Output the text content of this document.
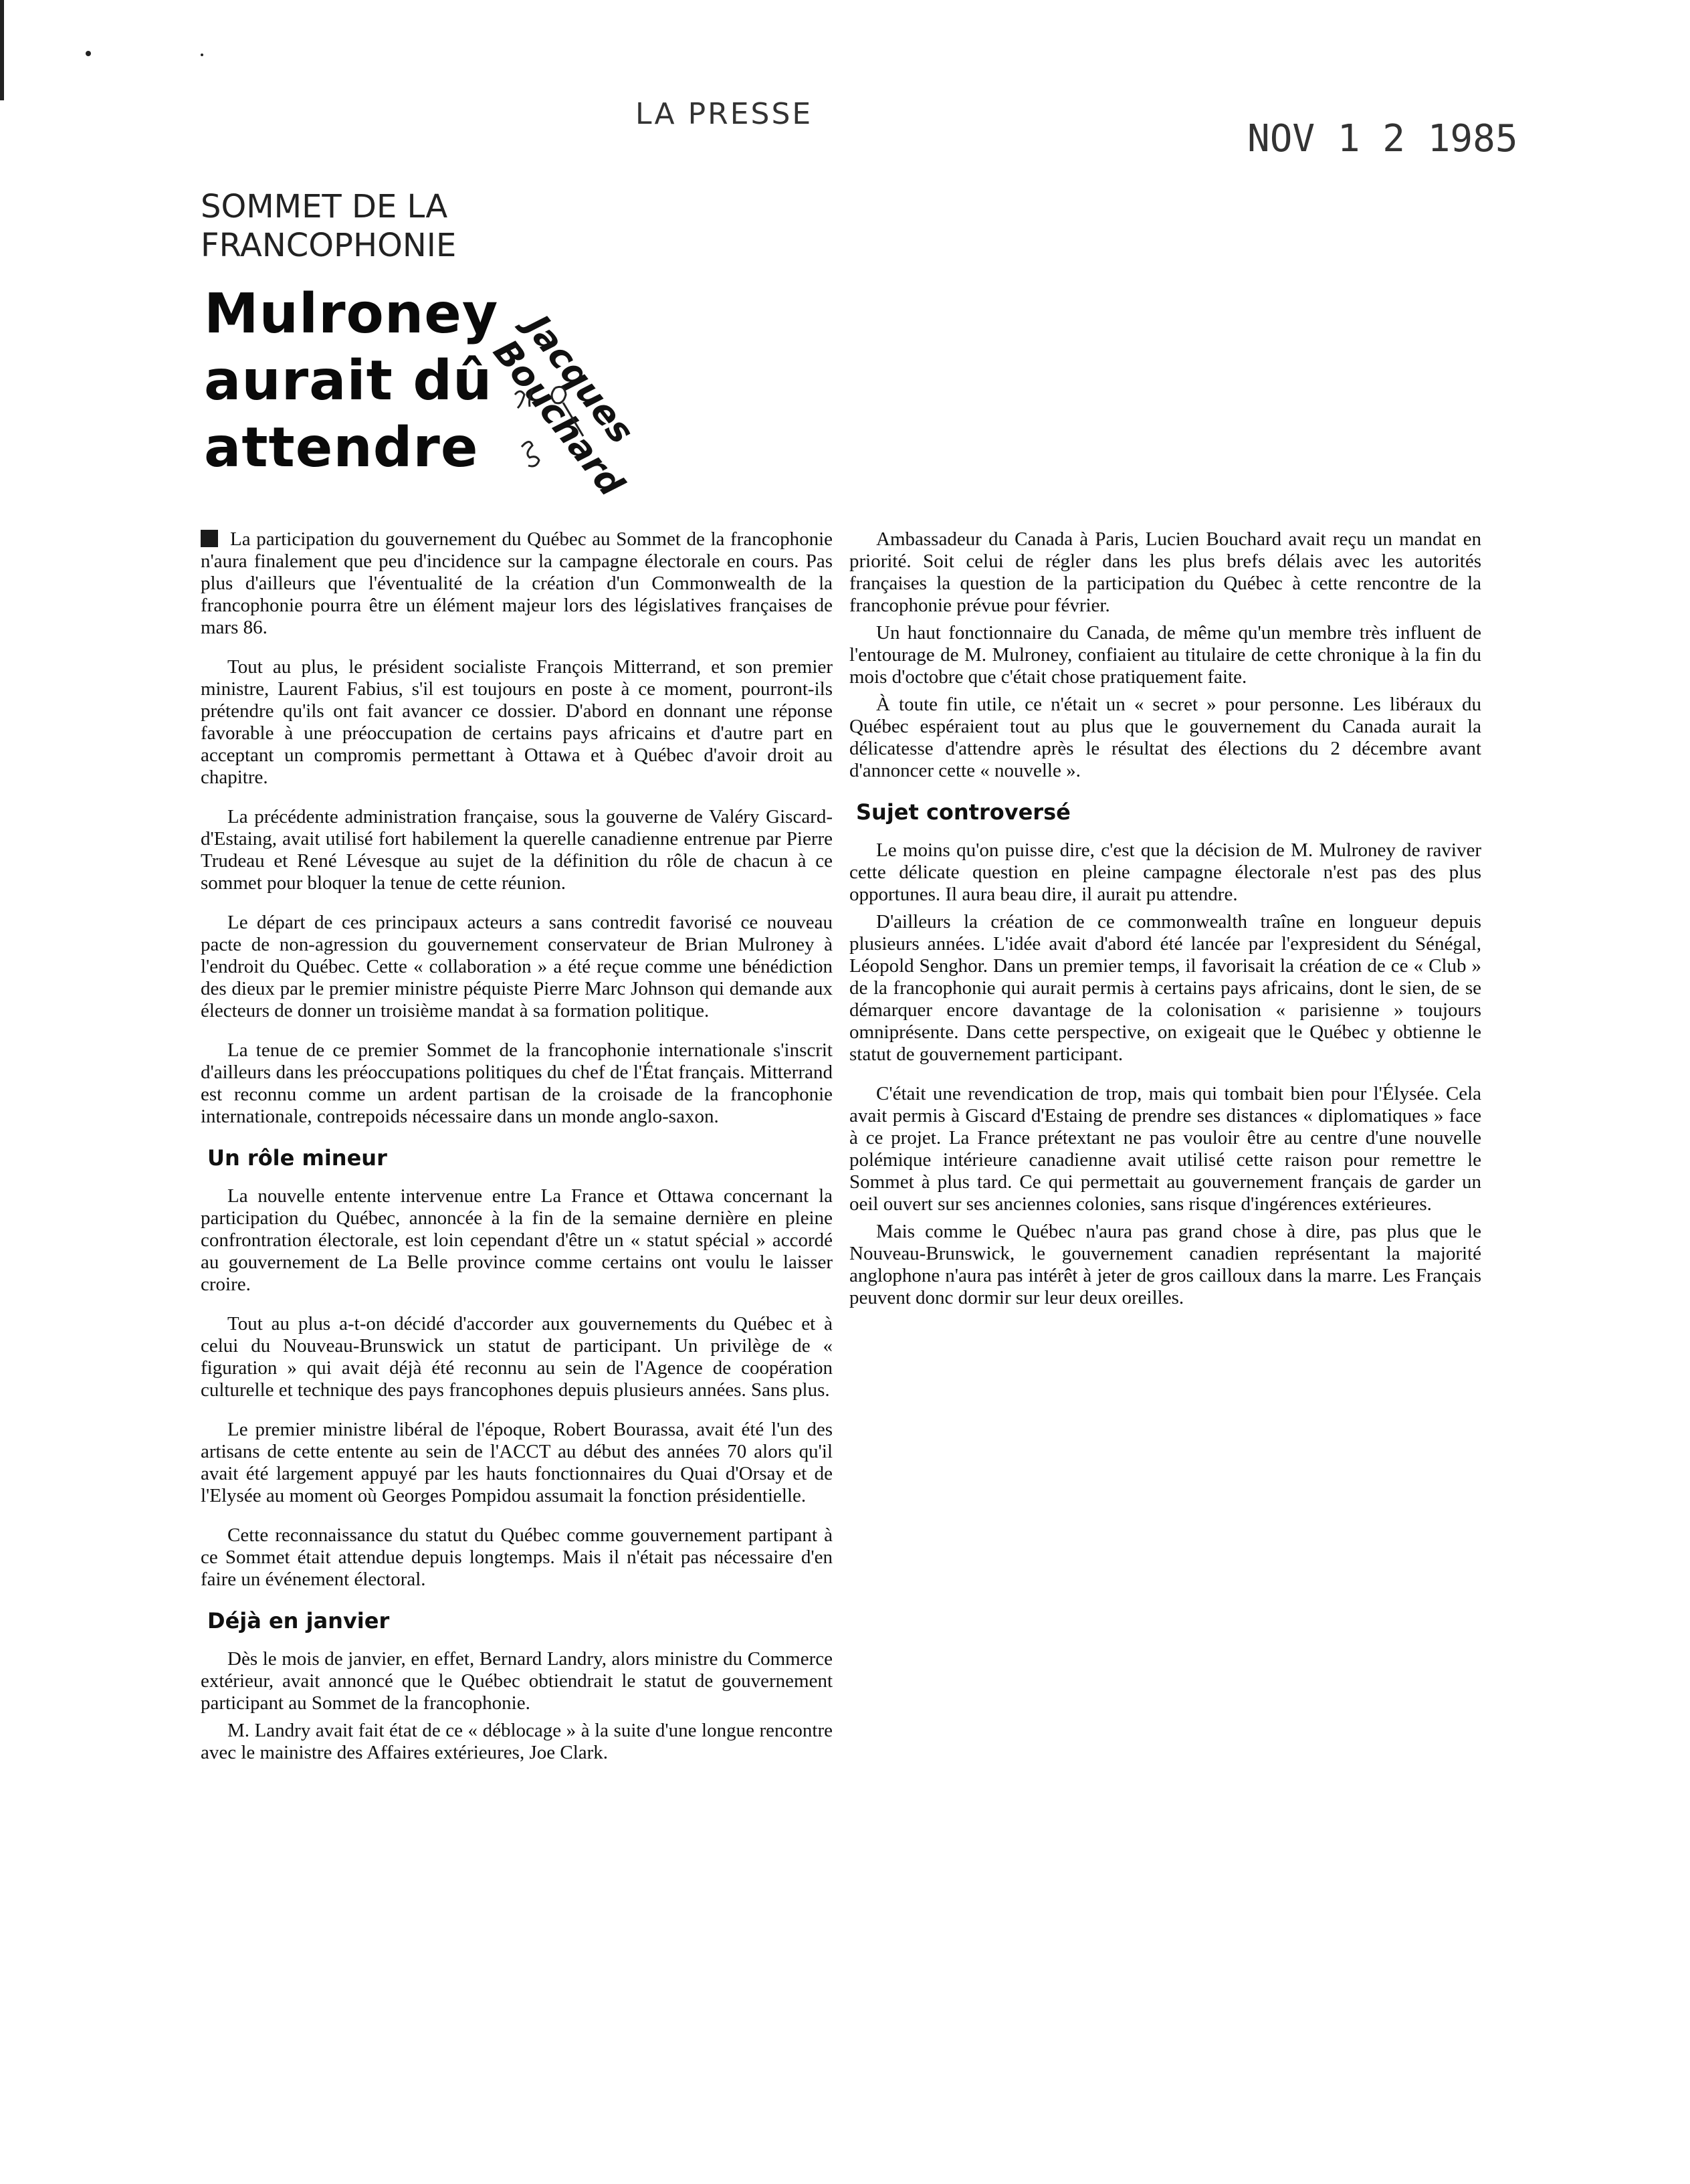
LA PRESSE
NOV 1 2 1985
SOMMET DE LA
FRANCOPHONIE
Mulroney aurait dû attendre	Jacques Bouchard

La participation du gouvernement du Québec au Sommet de la francophonie n'aura finalement que peu d'incidence sur la campagne électorale en cours. Pas plus d'ailleurs que l'éventualité de la création d'un Commonwealth de la francophonie pourra être un élément majeur lors des législatives françaises de mars 86.

Tout au plus, le président socialiste François Mitterrand, et son premier ministre, Laurent Fabius, s'il est toujours en poste à ce moment, pourront-ils prétendre qu'ils ont fait avancer ce dossier. D'abord en donnant une réponse favorable à une préoccupation de certains pays africains et d'autre part en acceptant un compromis permettant à Ottawa et à Québec d'avoir droit au chapitre.

La précédente administration française, sous la gouverne de Valéry Giscard-d'Estaing, avait utilisé fort habilement la querelle canadienne entrenue par Pierre Trudeau et René Lévesque au sujet de la définition du rôle de chacun à ce sommet pour bloquer la tenue de cette réunion.

Le départ de ces principaux acteurs a sans contredit favorisé ce nouveau pacte de non-agression du gouvernement conservateur de Brian Mulroney à l'endroit du Québec. Cette « collaboration » a été reçue comme une bénédiction des dieux par le premier ministre péquiste Pierre Marc Johnson qui demande aux électeurs de donner un troisième mandat à sa formation politique.

La tenue de ce premier Sommet de la francophonie internationale s'inscrit d'ailleurs dans les préoccupations politiques du chef de l'État français. Mitterrand est reconnu comme un ardent partisan de la croisade de la francophonie internationale, contrepoids nécessaire dans un monde anglo-saxon.

Un rôle mineur

La nouvelle entente intervenue entre La France et Ottawa concernant la participation du Québec, annoncée à la fin de la semaine dernière en pleine confrontration électorale, est loin cependant d'être un « statut spécial » accordé au gouvernement de La Belle province comme certains ont voulu le laisser croire.

Tout au plus a-t-on décidé d'accorder aux gouvernements du Québec et à celui du Nouveau-Brunswick un statut de participant. Un privilège de « figuration » qui avait déjà été reconnu au sein de l'Agence de coopération culturelle et technique des pays francophones depuis plusieurs années. Sans plus.

Le premier ministre libéral de l'époque, Robert Bourassa, avait été l'un des artisans de cette entente au sein de l'ACCT au début des années 70 alors qu'il avait été largement appuyé par les hauts fonctionnaires du Quai d'Orsay et de l'Elysée au moment où Georges Pompidou assumait la fonction présidentielle.

Cette reconnaissance du statut du Québec comme gouvernement partipant à ce Sommet était attendue depuis longtemps. Mais il n'était pas nécessaire d'en faire un événement électoral.

Déjà en janvier

Dès le mois de janvier, en effet, Bernard Landry, alors ministre du Commerce extérieur, avait annoncé que le Québec obtiendrait le statut de gouvernement participant au Sommet de la francophonie.

M. Landry avait fait état de ce « déblocage » à la suite d'une longue rencontre avec le mainistre des Affaires extérieures, Joe Clark.

Ambassadeur du Canada à Paris, Lucien Bouchard avait reçu un mandat en priorité. Soit celui de régler dans les plus brefs délais avec les autorités françaises la question de la participation du Québec à cette rencontre de la francophonie prévue pour février.

Un haut fonctionnaire du Canada, de même qu'un membre très influent de l'entourage de M. Mulroney, confiaient au titulaire de cette chronique à la fin du mois d'octobre que c'était chose pratiquement faite.

À toute fin utile, ce n'était un « secret » pour personne. Les libéraux du Québec espéraient tout au plus que le gouvernement du Canada aurait la délicatesse d'attendre après le résultat des élections du 2 décembre avant d'annoncer cette « nouvelle ».

Sujet controversé

Le moins qu'on puisse dire, c'est que la décision de M. Mulroney de raviver cette délicate question en pleine campagne électorale n'est pas des plus opportunes. Il aura beau dire, il aurait pu attendre.

D'ailleurs la création de ce commonwealth traîne en longueur depuis plusieurs années. L'idée avait d'abord été lancée par l'expresident du Sénégal, Léopold Senghor. Dans un premier temps, il favorisait la création de ce « Club » de la francophonie qui aurait permis à certains pays africains, dont le sien, de se démarquer encore davantage de la colonisation « parisienne » toujours omniprésente. Dans cette perspective, on exigeait que le Québec y obtienne le statut de gouvernement participant.

C'était une revendication de trop, mais qui tombait bien pour l'Élysée. Cela avait permis à Giscard d'Estaing de prendre ses distances « diplomatiques » face à ce projet. La France prétextant ne pas vouloir être au centre d'une nouvelle polémique intérieure canadienne avait utilisé cette raison pour remettre le Sommet à plus tard. Ce qui permettait au gouvernement français de garder un oeil ouvert sur ses anciennes colonies, sans risque d'ingérences extérieures.

Mais comme le Québec n'aura pas grand chose à dire, pas plus que le Nouveau-Brunswick, le gouvernement canadien représentant la majorité anglophone n'aura pas intérêt à jeter de gros cailloux dans la marre. Les Français peuvent donc dormir sur leur deux oreilles.
